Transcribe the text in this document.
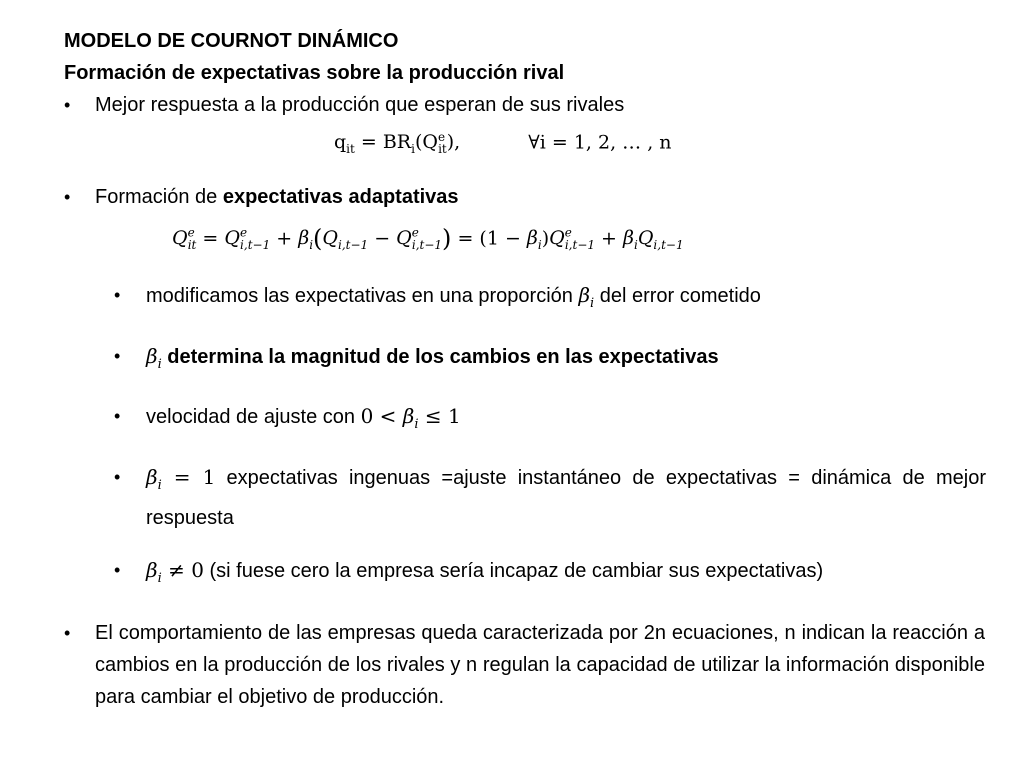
MODELO DE COURNOT DINÁMICO
Formación de expectativas sobre la producción rival
• Mejor respuesta a la producción que esperan de sus rivales
$q_{it} = BR_i(Q^e_{it})$,	∀i = 1, 2, … , n
• Formación de expectativas adaptativas
$Q^e_{it} = Q^e_{i,t-1} + \beta_i(Q_{i,t-1} - Q^e_{i,t-1}) = (1 - \beta_i)Q^e_{i,t-1} + \beta_iQ_{i,t-1}$
• modificamos las expectativas en una proporción $\beta_i$ del error cometido
• $\beta_i$ determina la magnitud de los cambios en las expectativas
• velocidad de ajuste con $0 < \beta_i \le 1$
• $\beta_i = 1$ expectativas ingenuas =ajuste instantáneo de expectativas = dinámica de mejor respuesta
• $\beta_i \ne 0$ (si fuese cero la empresa sería incapaz de cambiar sus expectativas)
• El comportamiento de las empresas queda caracterizada por 2n ecuaciones, n indican la reacción a cambios en la producción de los rivales y n regulan la capacidad de utilizar la información disponible para cambiar el objetivo de producción.
